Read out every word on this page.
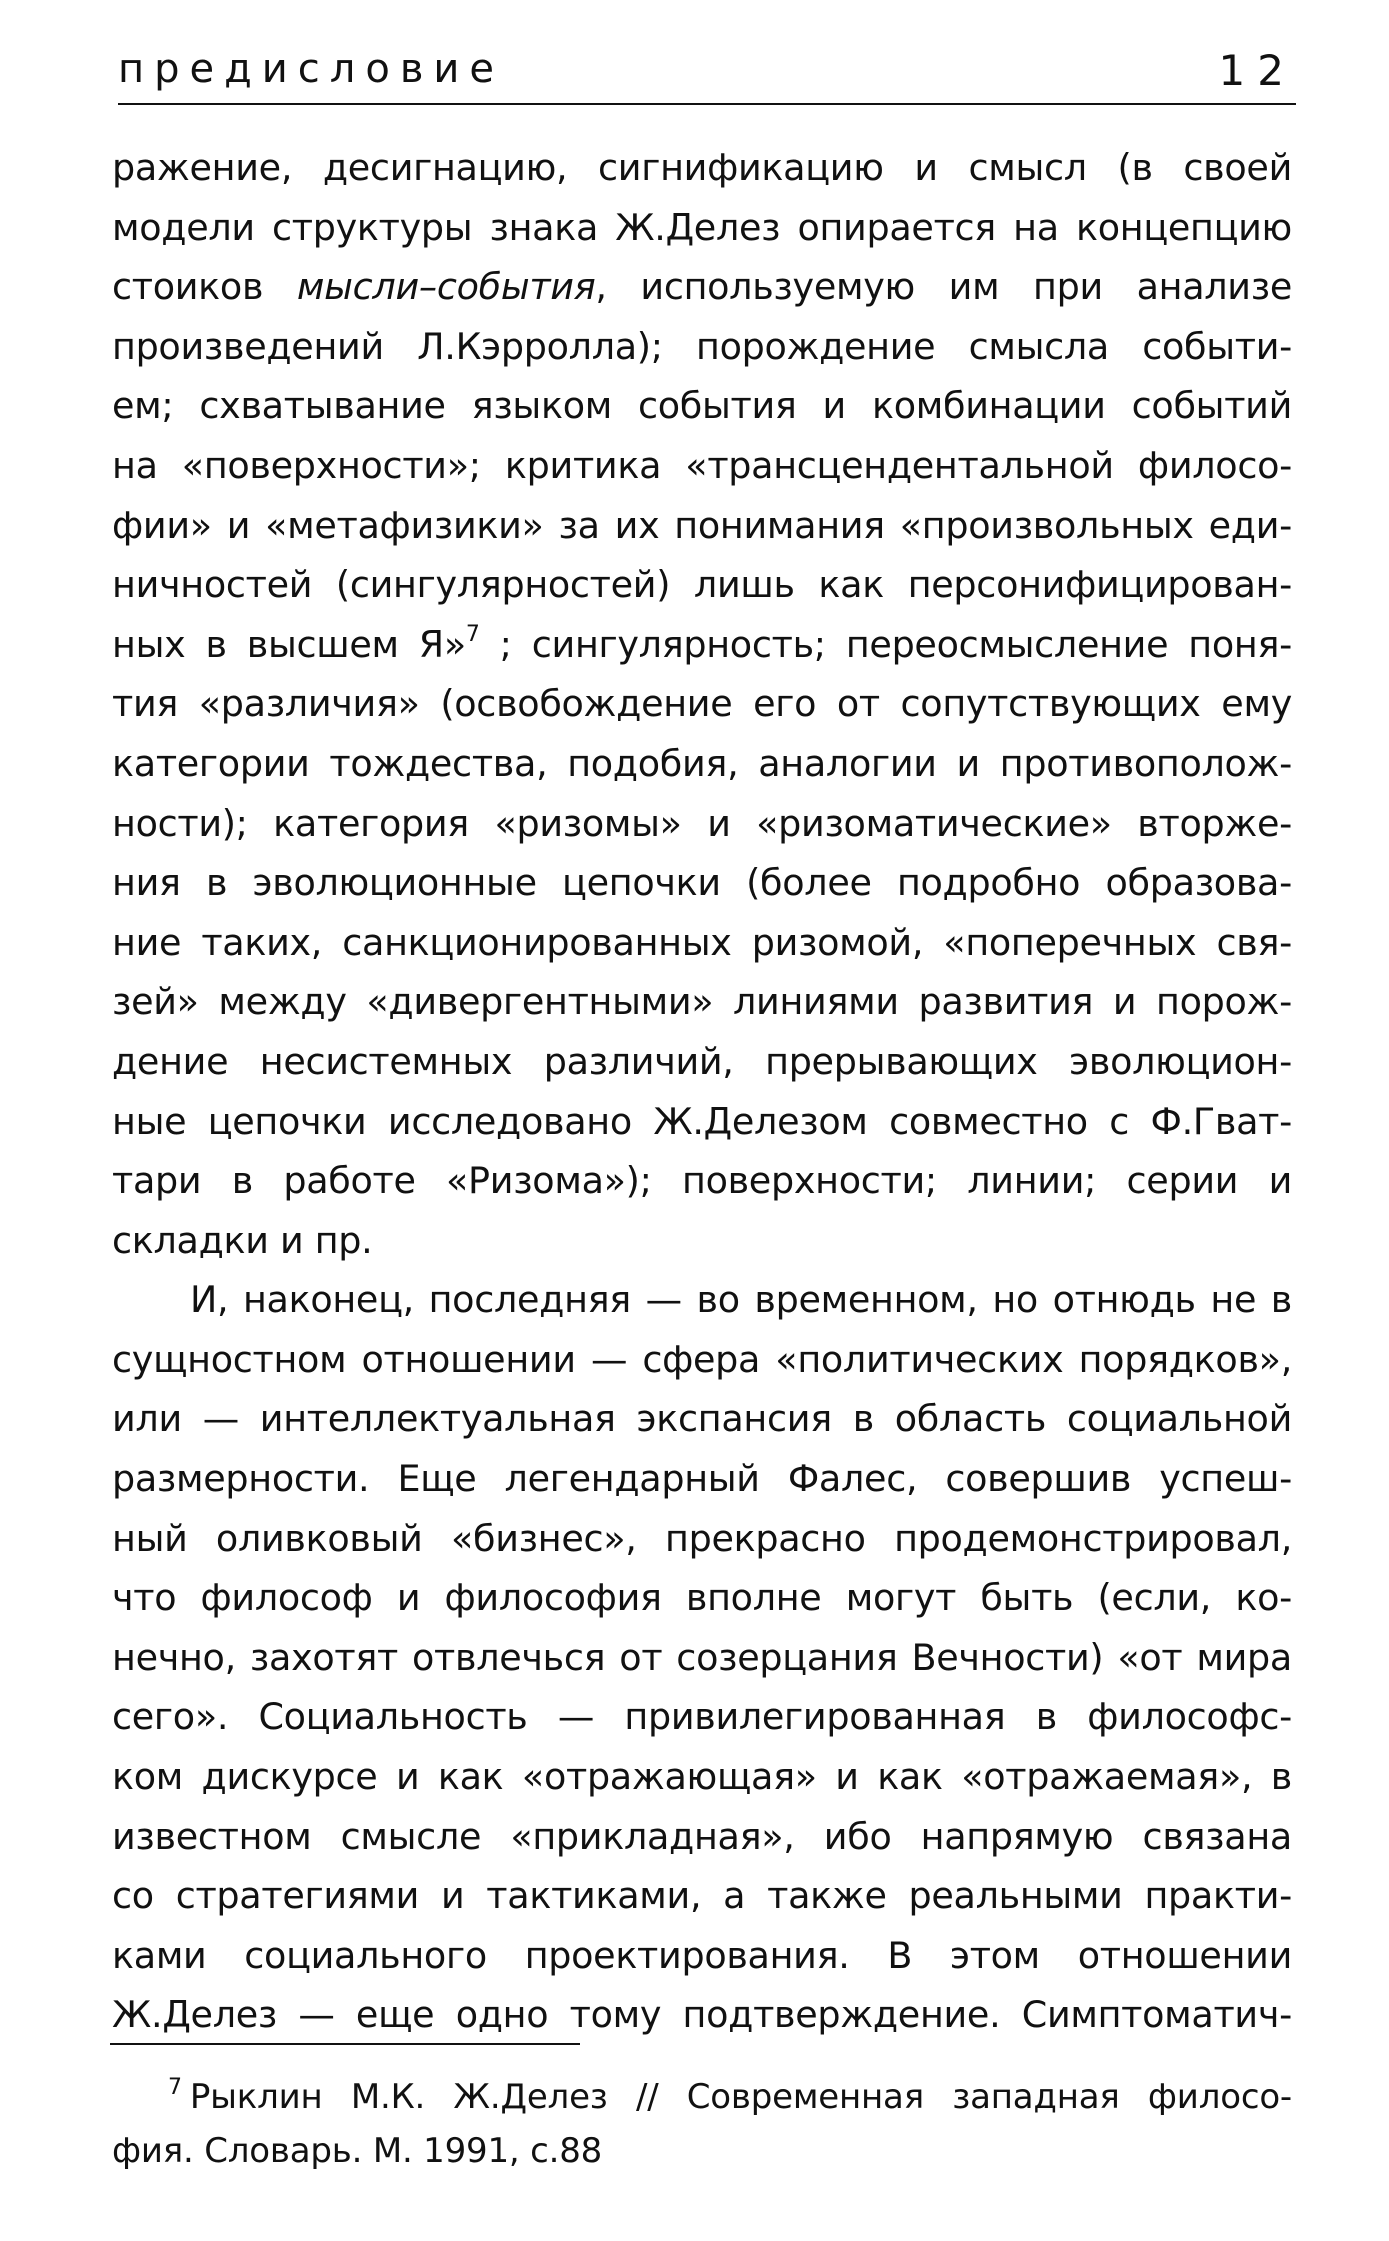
предисловие	12
ражение, десигнацию, сигнификацию и смысл (в своей
модели структуры знака Ж.Делез опирается на концепцию
стоиков мысли–события, используемую им при анализе
произведений Л.Кэрролла); порождение смысла событи-
ем; схватывание языком события и комбинации событий
на «поверхности»; критика «трансцендентальной филосо-
фии» и «метафизики» за их понимания «произвольных еди-
ничностей (сингулярностей) лишь как персонифицирован-
ных в высшем Я»$^7$ ; сингулярность; переосмысление поня-
тия «различия» (освобождение его от сопутствующих ему
категории тождества, подобия, аналогии и противополож-
ности); категория «ризомы» и «ризоматические» вторже-
ния в эволюционные цепочки (более подробно образова-
ние таких, санкционированных ризомой, «поперечных свя-
зей» между «дивергентными» линиями развития и порож-
дение несистемных различий, прерывающих эволюцион-
ные цепочки исследовано Ж.Делезом совместно с Ф.Гват-
тари в работе «Ризома»); поверхности; линии; серии и
складки и пр.
И, наконец, последняя — во временном, но отнюдь не в
сущностном отношении — сфера «политических порядков»,
или — интеллектуальная экспансия в область социальной
размерности. Еще легендарный Фалес, совершив успеш-
ный оливковый «бизнес», прекрасно продемонстрировал,
что философ и философия вполне могут быть (если, ко-
нечно, захотят отвлечься от созерцания Вечности) «от мира
сего». Социальность — привилегированная в философс-
ком дискурсе и как «отражающая» и как «отражаемая», в
известном смысле «прикладная», ибо напрямую связана
со стратегиями и тактиками, а также реальными практи-
ками социального проектирования. В этом отношении
Ж.Делез — еще одно тому подтверждение. Симптоматич-
$^7$ Рыклин М.К. Ж.Делез // Современная западная филосо-
фия. Словарь. М. 1991, с.88
